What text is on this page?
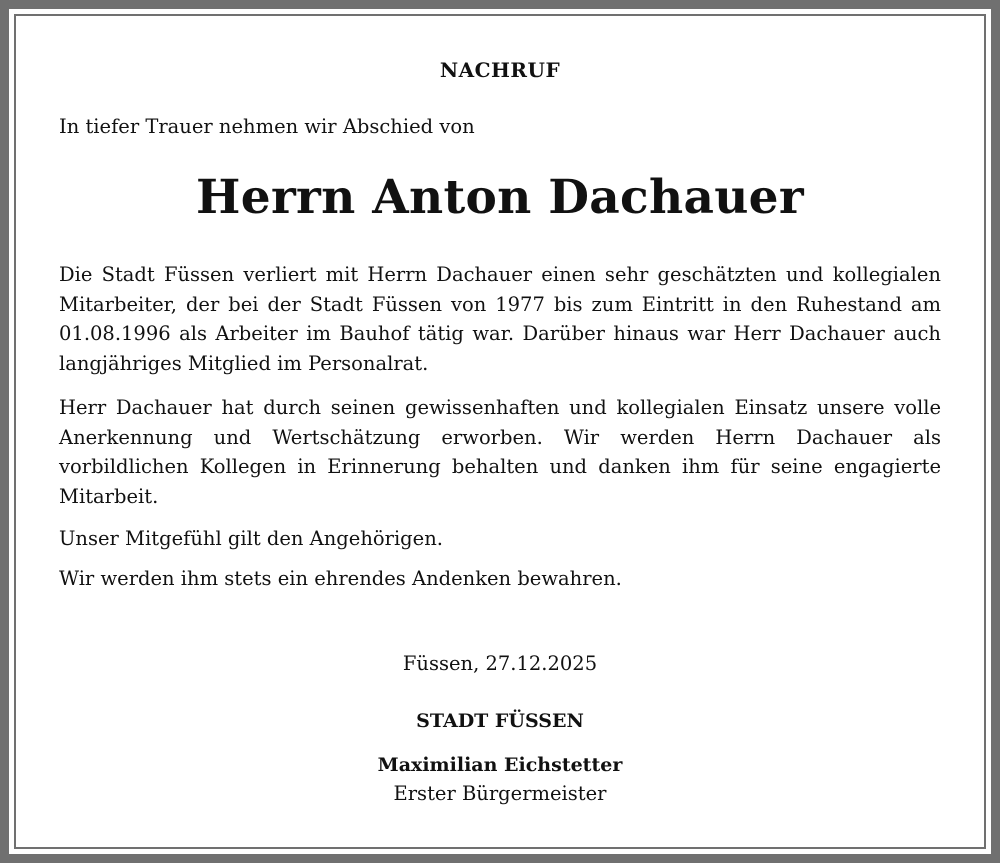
NACHRUF
In tiefer Trauer nehmen wir Abschied von
Herrn Anton Dachauer

Die Stadt Füssen verliert mit Herrn Dachauer einen sehr geschätzten und kollegialen Mitarbeiter, der bei der Stadt Füssen von 1977 bis zum Eintritt in den Ruhestand am 01.08.1996 als Arbeiter im Bauhof tätig war. Darüber hinaus war Herr Dachauer auch langjähriges Mitglied im Personalrat.

Herr Dachauer hat durch seinen gewissenhaften und kollegialen Einsatz unsere volle Anerkennung und Wertschätzung erworben. Wir werden Herrn Dachauer als vorbildlichen Kollegen in Erinnerung behalten und danken ihm für seine engagierte Mitarbeit.

Unser Mitgefühl gilt den Angehörigen.

Wir werden ihm stets ein ehrendes Andenken bewahren.

Füssen, 27.12.2025
STADT FÜSSEN
Maximilian Eichstetter
Erster Bürgermeister
